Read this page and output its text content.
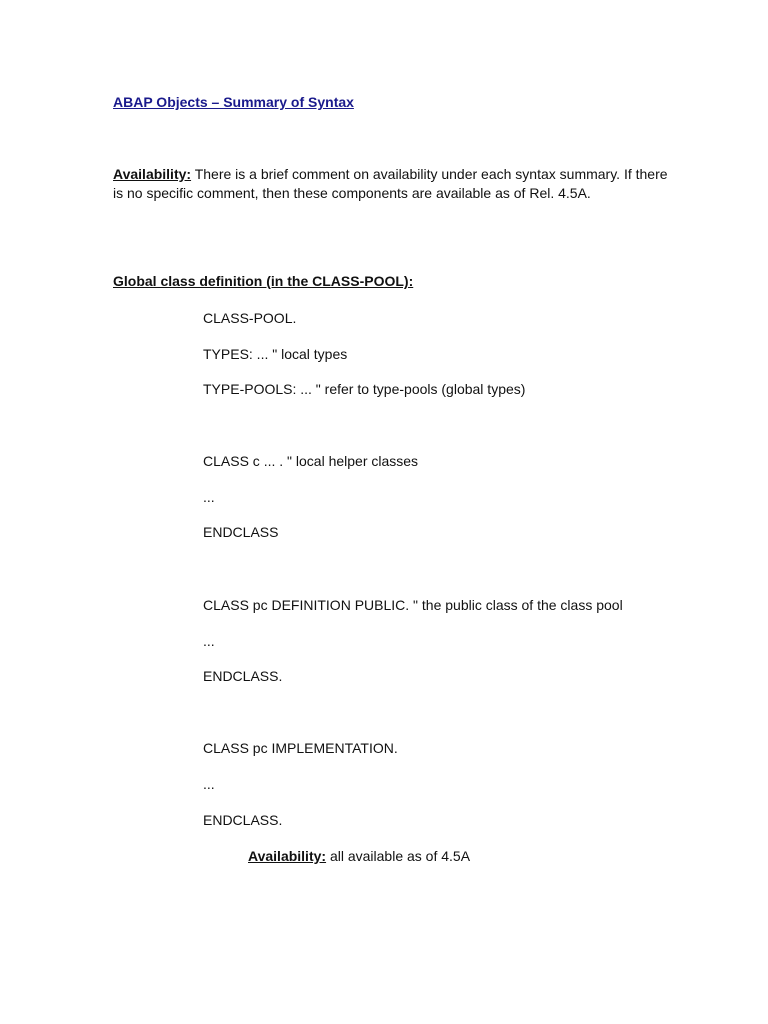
ABAP Objects – Summary of Syntax
Availability: There is a brief comment on availability under each syntax summary. If there is no specific comment, then these components are available as of Rel. 4.5A.
Global class definition (in the CLASS-POOL):
CLASS-POOL.
TYPES: ... " local types
TYPE-POOLS: ... " refer to type-pools (global types)
CLASS c ... . " local helper classes
...
ENDCLASS
CLASS pc DEFINITION PUBLIC. " the public class of the class pool
...
ENDCLASS.
CLASS pc IMPLEMENTATION.
...
ENDCLASS.
Availability: all available as of 4.5A
